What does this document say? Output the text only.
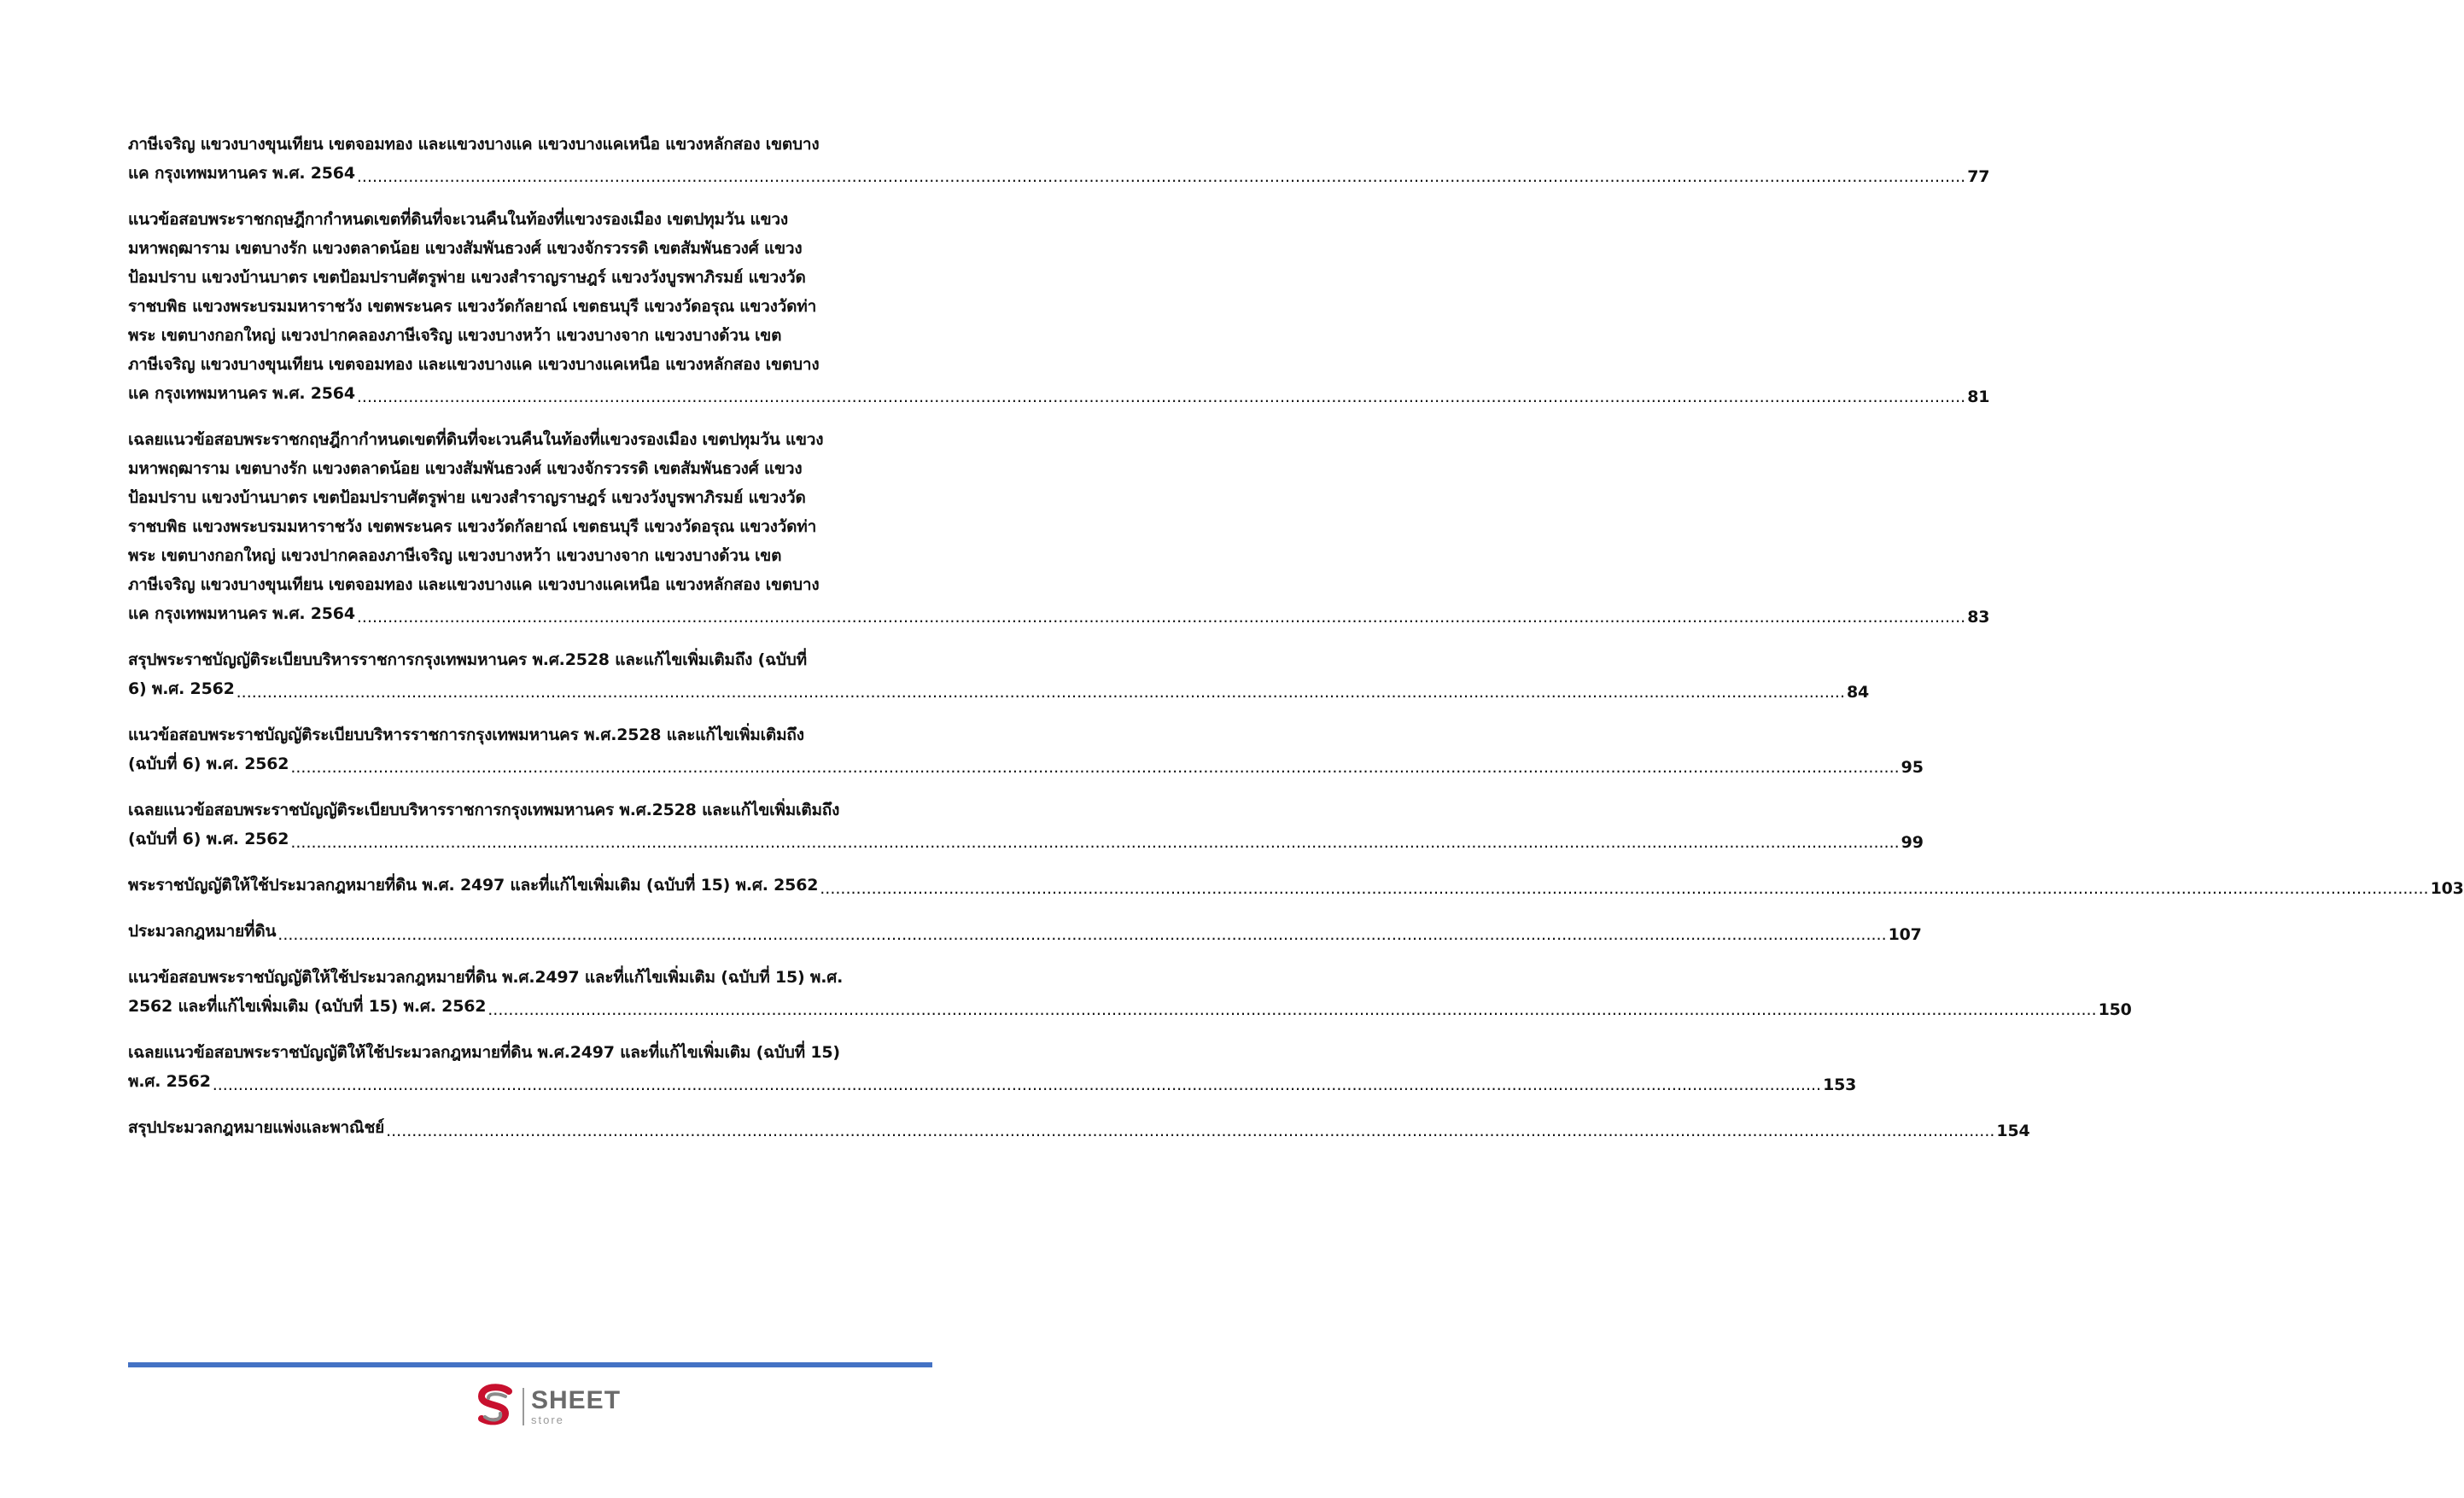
ภาษีเจริญ แขวงบางขุนเทียน เขตจอมทอง และแขวงบางแค แขวงบางแคเหนือ แขวงหลักสอง เขตบาง
แค กรุงเทพมหานคร พ.ศ. 2564 .....	77
แนวข้อสอบพระราชกฤษฎีกากำหนดเขตที่ดินที่จะเวนคืนในท้องที่แขวงรองเมือง เขตปทุมวัน แขวง
มหาพฤฒาราม เขตบางรัก แขวงตลาดน้อย แขวงสัมพันธวงศ์ แขวงจักรวรรดิ เขตสัมพันธวงศ์ แขวง
ป้อมปราบ แขวงบ้านบาตร เขตป้อมปราบศัตรูพ่าย แขวงสำราญราษฎร์ แขวงวังบูรพาภิรมย์ แขวงวัด
ราชบพิธ แขวงพระบรมมหาราชวัง เขตพระนคร แขวงวัดกัลยาณ์ เขตธนบุรี แขวงวัดอรุณ แขวงวัดท่า
พระ เขตบางกอกใหญ่ แขวงปากคลองภาษีเจริญ แขวงบางหว้า แขวงบางจาก แขวงบางด้วน เขต
ภาษีเจริญ แขวงบางขุนเทียน เขตจอมทอง และแขวงบางแค แขวงบางแคเหนือ แขวงหลักสอง เขตบาง
แค กรุงเทพมหานคร พ.ศ. 2564 .....	81
เฉลยแนวข้อสอบพระราชกฤษฎีกากำหนดเขตที่ดินที่จะเวนคืนในท้องที่แขวงรองเมือง เขตปทุมวัน แขวง
มหาพฤฒาราม เขตบางรัก แขวงตลาดน้อย แขวงสัมพันธวงศ์ แขวงจักรวรรดิ เขตสัมพันธวงศ์ แขวง
ป้อมปราบ แขวงบ้านบาตร เขตป้อมปราบศัตรูพ่าย แขวงสำราญราษฎร์ แขวงวังบูรพาภิรมย์ แขวงวัด
ราชบพิธ แขวงพระบรมมหาราชวัง เขตพระนคร แขวงวัดกัลยาณ์ เขตธนบุรี แขวงวัดอรุณ แขวงวัดท่า
พระ เขตบางกอกใหญ่ แขวงปากคลองภาษีเจริญ แขวงบางหว้า แขวงบางจาก แขวงบางด้วน เขต
ภาษีเจริญ แขวงบางขุนเทียน เขตจอมทอง และแขวงบางแค แขวงบางแคเหนือ แขวงหลักสอง เขตบาง
แค กรุงเทพมหานคร พ.ศ. 2564 .....	83
สรุปพระราชบัญญัติระเบียบบริหารราชการกรุงเทพมหานคร พ.ศ.2528 และแก้ไขเพิ่มเติมถึง (ฉบับที่
6) พ.ศ. 2562 .....	84
แนวข้อสอบพระราชบัญญัติระเบียบบริหารราชการกรุงเทพมหานคร พ.ศ.2528 และแก้ไขเพิ่มเติมถึง
(ฉบับที่ 6) พ.ศ. 2562 .....	95
เฉลยแนวข้อสอบพระราชบัญญัติระเบียบบริหารราชการกรุงเทพมหานคร พ.ศ.2528 และแก้ไขเพิ่มเติมถึง
(ฉบับที่ 6) พ.ศ. 2562 .....	99
พระราชบัญญัติให้ใช้ประมวลกฎหมายที่ดิน พ.ศ. 2497 และที่แก้ไขเพิ่มเติม (ฉบับที่ 15) พ.ศ. 2562 .....	103
ประมวลกฎหมายที่ดิน .....	107
แนวข้อสอบพระราชบัญญัติให้ใช้ประมวลกฎหมายที่ดิน พ.ศ.2497 และที่แก้ไขเพิ่มเติม (ฉบับที่ 15) พ.ศ.
2562 และที่แก้ไขเพิ่มเติม (ฉบับที่ 15) พ.ศ. 2562 .....	150
เฉลยแนวข้อสอบพระราชบัญญัติให้ใช้ประมวลกฎหมายที่ดิน พ.ศ.2497 และที่แก้ไขเพิ่มเติม (ฉบับที่ 15)
พ.ศ. 2562 .....	153
สรุปประมวลกฎหมายแพ่งและพาณิชย์ .....	154
SHEET
store
